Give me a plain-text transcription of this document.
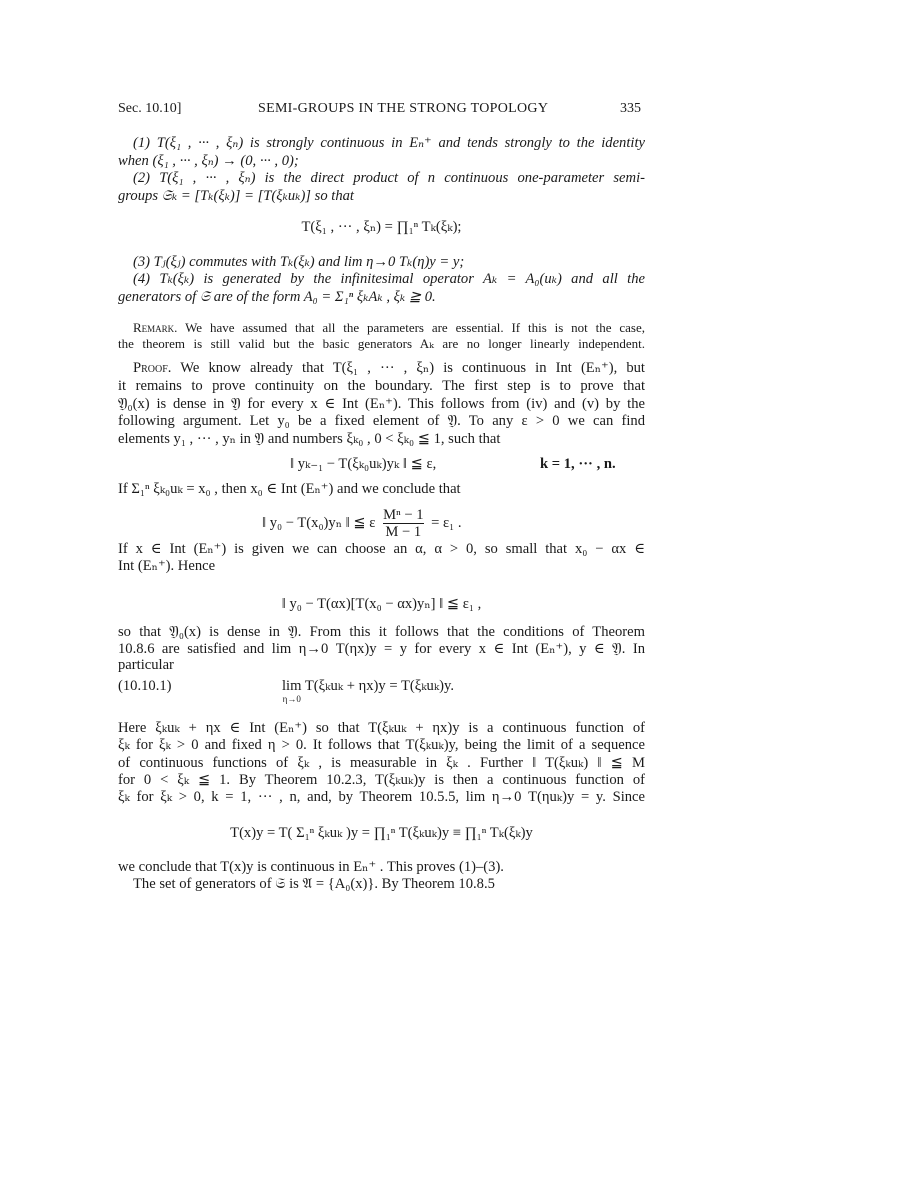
Sec. 10.10]	SEMI-GROUPS IN THE STRONG TOPOLOGY	335
(1) T(ξ₁ , ··· , ξₙ) is strongly continuous in Eₙ⁺ and tends strongly to the identity
when (ξ₁ , ··· , ξₙ) → (0, ··· , 0);
(2) T(ξ₁ , ··· , ξₙ) is the direct product of n continuous one-parameter semi-
groups 𝔖ₖ = [Tₖ(ξₖ)] = [T(ξₖuₖ)] so that
T(ξ₁ , ··· , ξₙ) = ∏₁ⁿ Tₖ(ξₖ);
(3) Tⱼ(ξⱼ) commutes with Tₖ(ξₖ) and lim η→0 Tₖ(η)y = y;
(4) Tₖ(ξₖ) is generated by the infinitesimal operator Aₖ = A₀(uₖ) and all the
generators of 𝔖 are of the form A₀ = Σ₁ⁿ ξₖAₖ , ξₖ ≧ 0.
Remark. We have assumed that all the parameters are essential. If this is not the case,
the theorem is still valid but the basic generators Aₖ are no longer linearly independent.
Proof. We know already that T(ξ₁ , ··· , ξₙ) is continuous in Int (Eₙ⁺), but
it remains to prove continuity on the boundary. The first step is to prove that
𝔜₀(x) is dense in 𝔜 for every x ∈ Int (Eₙ⁺). This follows from (iv) and (v) by the
following argument. Let y₀ be a fixed element of 𝔜. To any ε > 0 we can find
elements y₁ , ··· , yₙ in 𝔜 and numbers ξₖ₀ , 0 < ξₖ₀ ≦ 1, such that
‖ yₖ₋₁ − T(ξₖ₀uₖ)yₖ ‖ ≦ ε,	k = 1, ··· , n.
If Σ₁ⁿ ξₖ₀uₖ = x₀ , then x₀ ∈ Int (Eₙ⁺) and we conclude that
‖ y₀ − T(x₀)yₙ ‖ ≦ ε $\frac{\text{Mⁿ − 1}}{M - 1} = \varepsilon_1$ .
If x ∈ Int (Eₙ⁺) is given we can choose an α, α > 0, so small that x₀ − αx ∈
Int (Eₙ⁺). Hence
‖ y₀ − T(αx)[T(x₀ − αx)yₙ] ‖ ≦ ε₁ ,
so that 𝔜₀(x) is dense in 𝔜. From this it follows that the conditions of Theorem
10.8.6 are satisfied and lim η→0 T(ηx)y = y for every x ∈ Int (Eₙ⁺), y ∈ 𝔜. In
particular
(10.10.1)	lim
η→0
T(ξₖuₖ + ηx)y = T(ξₖuₖ)y.
Here ξₖuₖ + ηx ∈ Int (Eₙ⁺) so that T(ξₖuₖ + ηx)y is a continuous function of
ξₖ for ξₖ > 0 and fixed η > 0. It follows that T(ξₖuₖ)y, being the limit of a sequence
of continuous functions of ξₖ , is measurable in ξₖ . Further ‖ T(ξₖuₖ) ‖ ≦ M
for 0 < ξₖ ≦ 1. By Theorem 10.2.3, T(ξₖuₖ)y is then a continuous function of
ξₖ for ξₖ > 0, k = 1, ··· , n, and, by Theorem 10.5.5, lim η→0 T(ηuₖ)y = y. Since
T(x)y = T( Σ₁ⁿ ξₖuₖ )y = ∏₁ⁿ T(ξₖuₖ)y ≡ ∏₁ⁿ Tₖ(ξₖ)y
we conclude that T(x)y is continuous in Eₙ⁺ . This proves (1)–(3).
The set of generators of 𝔖 is 𝔄 = {A₀(x)}. By Theorem 10.8.5
